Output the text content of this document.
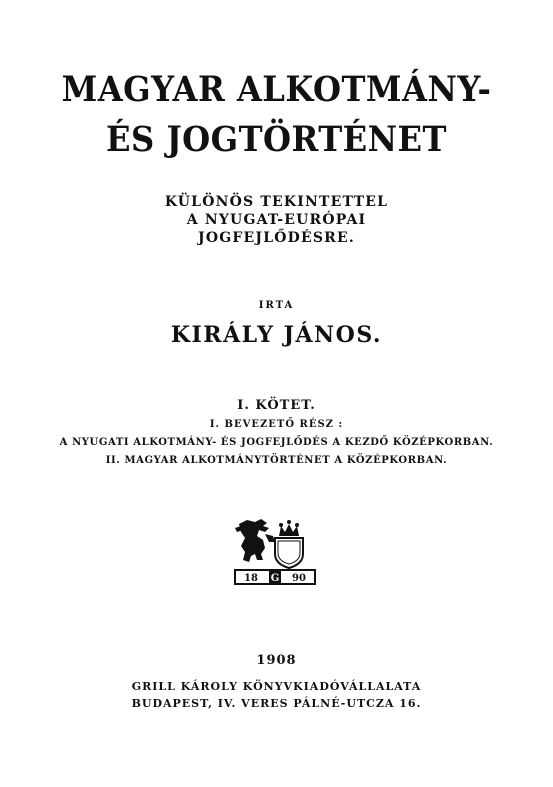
MAGYAR ALKOTMÁNY-
ÉS JOGTÖRTÉNET
KÜLÖNÖS TEKINTETTEL
A NYUGAT-EURÓPAI
JOGFEJLŐDÉSRE.
IRTA
KIRÁLY JÁNOS.
I. KÖTET.
I. BEVEZETŐ RÉSZ :
A NYUGATI ALKOTMÁNY- ÉS JOGFEJLŐDÉS A KEZDŐ KÖZÉPKORBAN.
II. MAGYAR ALKOTMÁNYTÖRTÉNET A KÖZÉPKORBAN.
18 G 90
1908
GRILL KÁROLY KÖNYVKIADÓVÁLLALATA
BUDAPEST, IV. VERES PÁLNÉ-UTCZA 16.
